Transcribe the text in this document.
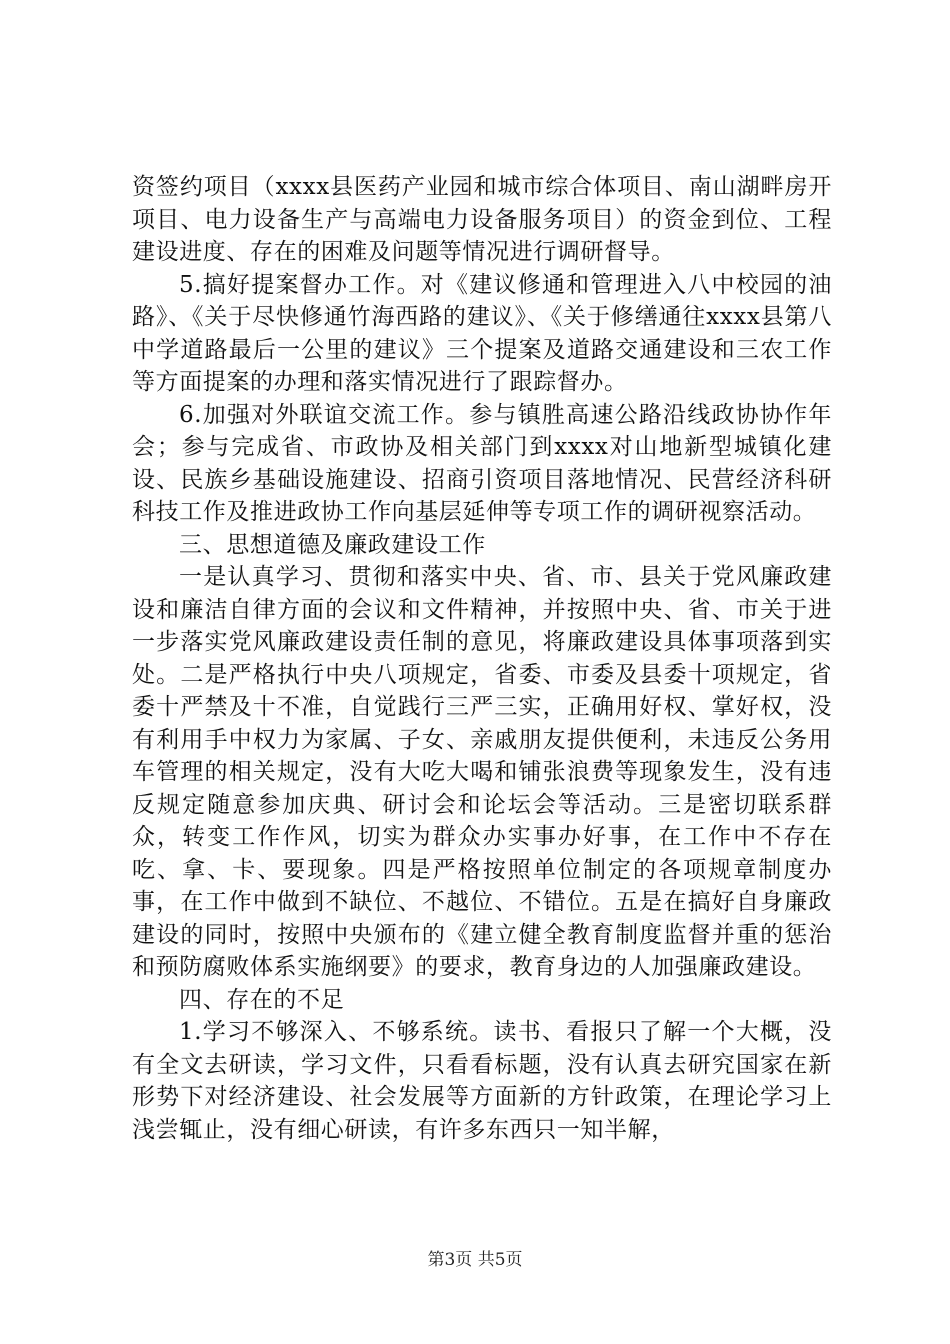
资签约项目（xxxx县医药产业园和城市综合体项目、南山湖畔房开项目、电力设备生产与高端电力设备服务项目）的资金到位、工程建设进度、存在的困难及问题等情况进行调研督导。

5.搞好提案督办工作。对《建议修通和管理进入八中校园的油路》、《关于尽快修通竹海西路的建议》、《关于修缮通往xxxx县第八中学道路最后一公里的建议》三个提案及道路交通建设和三农工作等方面提案的办理和落实情况进行了跟踪督办。

6.加强对外联谊交流工作。参与镇胜高速公路沿线政协协作年会；参与完成省、市政协及相关部门到xxxx对山地新型城镇化建设、民族乡基础设施建设、招商引资项目落地情况、民营经济科研科技工作及推进政协工作向基层延伸等专项工作的调研视察活动。

三、思想道德及廉政建设工作

一是认真学习、贯彻和落实中央、省、市、县关于党风廉政建设和廉洁自律方面的会议和文件精神，并按照中央、省、市关于进一步落实党风廉政建设责任制的意见，将廉政建设具体事项落到实处。二是严格执行中央八项规定，省委、市委及县委十项规定，省委十严禁及十不准，自觉践行三严三实，正确用好权、掌好权，没有利用手中权力为家属、子女、亲戚朋友提供便利，未违反公务用车管理的相关规定，没有大吃大喝和铺张浪费等现象发生，没有违反规定随意参加庆典、研讨会和论坛会等活动。三是密切联系群众，转变工作作风，切实为群众办实事办好事，在工作中不存在吃、拿、卡、要现象。四是严格按照单位制定的各项规章制度办事，在工作中做到不缺位、不越位、不错位。五是在搞好自身廉政建设的同时，按照中央颁布的《建立健全教育制度监督并重的惩治和预防腐败体系实施纲要》的要求，教育身边的人加强廉政建设。

四、存在的不足

1.学习不够深入、不够系统。读书、看报只了解一个大概，没有全文去研读，学习文件，只看看标题，没有认真去研究国家在新形势下对经济建设、社会发展等方面新的方针政策，在理论学习上浅尝辄止，没有细心研读，有许多东西只一知半解，

第3页 共5页
